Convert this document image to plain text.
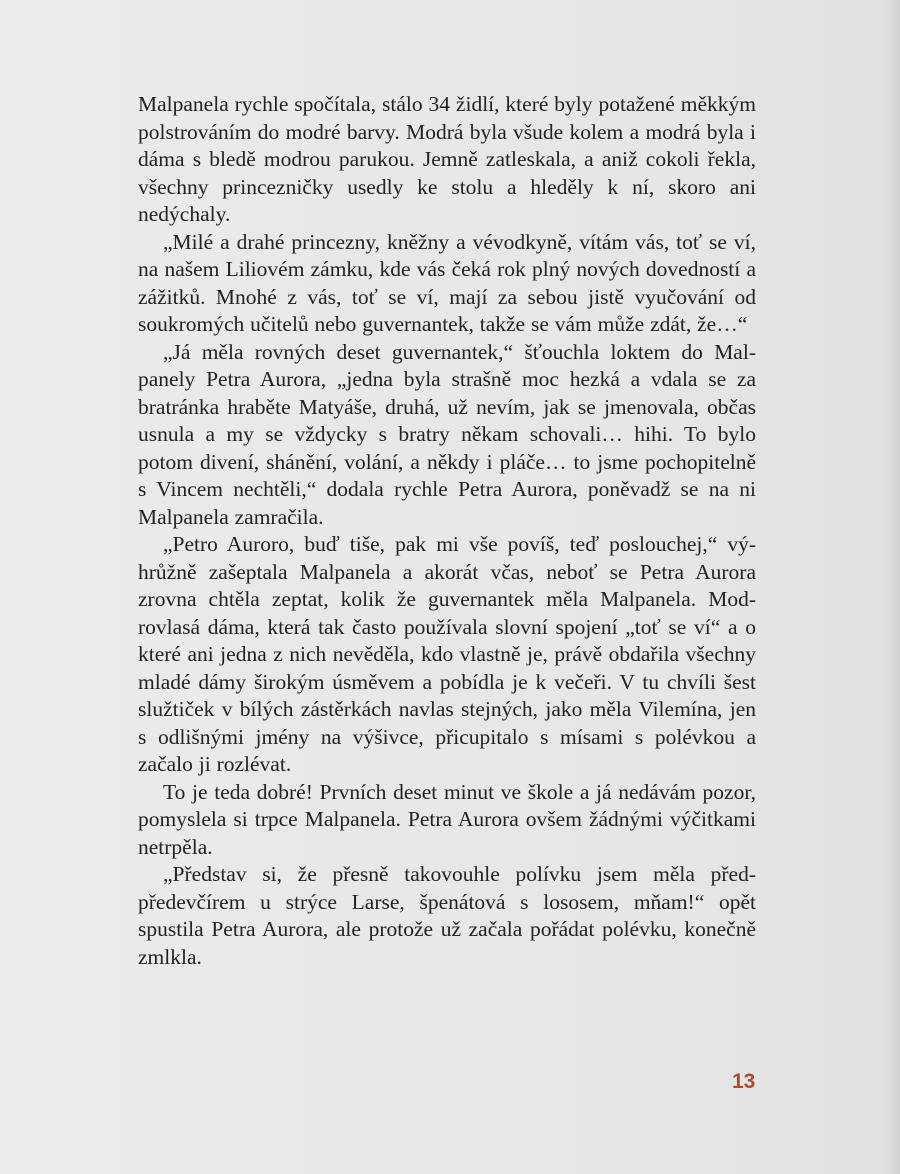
Malpanela rychle spočítala, stálo 34 židlí, které byly potažené měkkým polstrováním do modré barvy. Modrá byla všude kolem a modrá byla i dáma s bledě modrou parukou. Jemně zatleskala, a aniž cokoli řekla, všechny princezničky usedly ke stolu a hleděly k ní, skoro ani nedýchaly.

„Milé a drahé princezny, kněžny a vévodkyně, vítám vás, toť se ví, na našem Liliovém zámku, kde vás čeká rok plný nových dovedností a zážitků. Mnohé z vás, toť se ví, mají za sebou jistě vyučování od soukromých učitelů nebo guvernantek, takže se vám může zdát, že…“

„Já měla rovných deset guvernantek,“ šťouchla loktem do Malpanely Petra Aurora, „jedna byla strašně moc hezká a vdala se za bratránka hraběte Matyáše, druhá, už nevím, jak se jmenovala, občas usnula a my se vždycky s bratry někam schovali… hihi. To bylo potom divení, shánění, volání, a někdy i pláče… to jsme pochopitelně s Vincem nechtěli,“ dodala rychle Petra Aurora, poněvadž se na ni Malpanela zamračila.

„Petro Auroro, buď tiše, pak mi vše povíš, teď poslouchej,“ výhrůžně zašeptala Malpanela a akorát včas, neboť se Petra Aurora zrovna chtěla zeptat, kolik že guvernantek měla Malpanela. Modrovlasá dáma, která tak často používala slovní spojení „toť se ví“ a o které ani jedna z nich nevěděla, kdo vlastně je, právě obdařila všechny mladé dámy širokým úsměvem a pobídla je k večeři. V tu chvíli šest služtiček v bílých zástěrkách navlas stejných, jako měla Vilemína, jen s odlišnými jmény na výšivce, přicupitalo s mísami s polévkou a začalo ji rozlévat.

To je teda dobré! Prvních deset minut ve škole a já nedávám pozor, pomyslela si trpce Malpanela. Petra Aurora ovšem žádnými výčitkami netrpěla.

„Představ si, že přesně takovouhle polívku jsem měla předpředevčírem u strýce Larse, špenátová s lososem, mňam!“ opět spustila Petra Aurora, ale protože už začala pořádat polévku, konečně zmlkla.

13
